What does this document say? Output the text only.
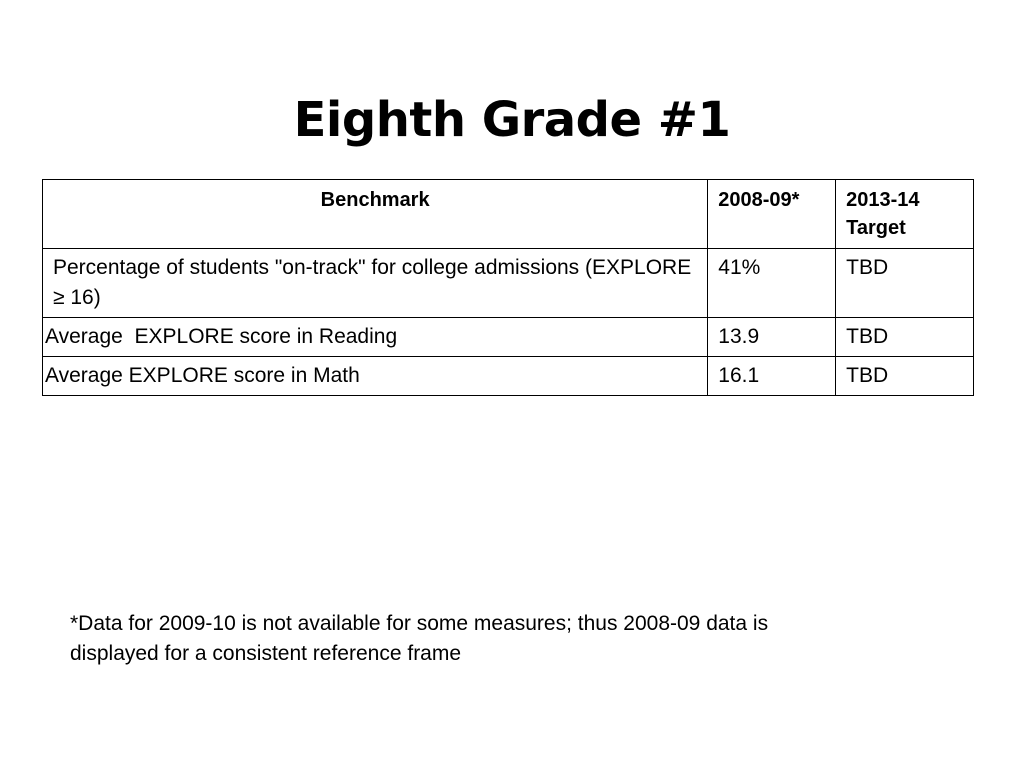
Eighth Grade #1
Benchmark	2008-09*	2013-14 Target
Percentage of students "on-track" for college admissions (EXPLORE ≥ 16)	41%	TBD
Average  EXPLORE score in Reading	13.9	TBD
Average EXPLORE score in Math	16.1	TBD

*Data for 2009-10 is not available for some measures; thus 2008-09 data is displayed for a consistent reference frame
